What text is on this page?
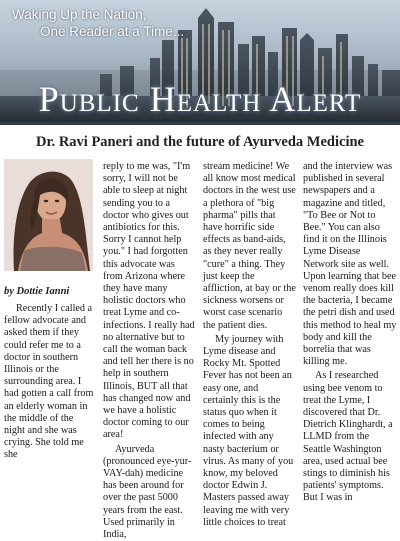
Waking Up the Nation,
One Reader at a Time...
Public Health Alert
Dr. Ravi Paneri and the future of Ayurveda Medicine
by Dottie Ianni

Recently I called a fellow advocate and asked them if they could refer me to a doctor in southern Illinois or the surrounding area. I had gotten a call from an elderly woman in the middle of the night and she was crying. She told me she

reply to me was, "I'm sorry, I will not be able to sleep at night sending you to a doctor who gives out antibiotics for this. Sorry I cannot help you." I had forgotten this advocate was from Arizona where they have many holistic doctors who treat Lyme and co-infections. I really had no alternative but to call the woman back and tell her there is no help in southern Illinois, BUT all that has changed now and we have a holistic doctor coming to our area!

Ayurveda (pronounced eye-yur-VAY-dah) medicine has been around for over the past 5000 years from the east. Used primarily in India,

stream medicine! We all know most medical doctors in the west use a plethora of "big pharma" pills that have horrific side effects as band-aids, as they never really "cure" a thing. They just keep the affliction, at bay or the sickness worsens or worst case scenario the patient dies.

My journey with Lyme disease and Rocky Mt. Spotted Fever has not been an easy one, and certainly this is the status quo when it comes to being infected with any nasty bacterium or virus. As many of you know, my beloved doctor Edwin J. Masters passed away leaving me with very little choices to treat

and the interview was published in several newspapers and a magazine and titled, "To Bee or Not to Bee." You can also find it on the Illinois Lyme Disease Network site as well. Upon learning that bee venom really does kill the bacteria, I became the petri dish and used this method to heal my body and kill the borrelia that was killing me.

As I researched using bee venom to treat the Lyme, I discovered that Dr. Dietrich Klinghardt, a LLMD from the Seattle Washington area, used actual bee stings to diminish his patients' symptoms. But I was in
